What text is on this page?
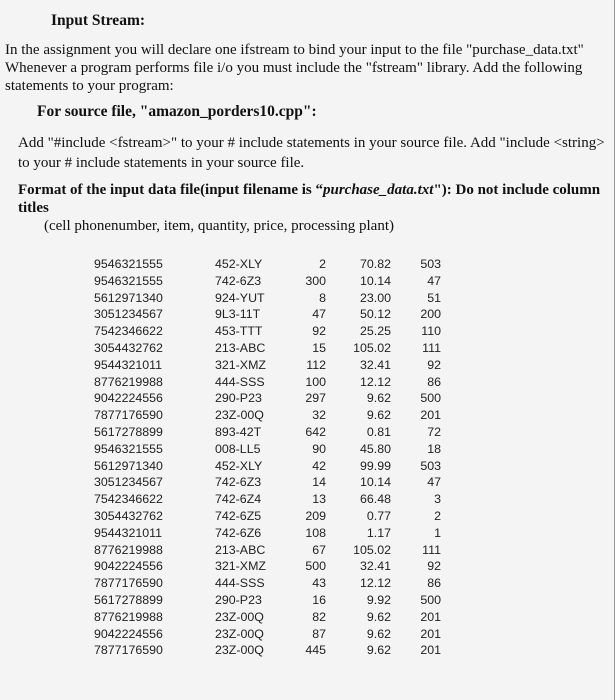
Input Stream:
In the assignment you will declare one ifstream to bind your input to the file "purchase_data.txt" Whenever a program performs file i/o you must include the "fstream" library. Add the following statements to your program:
For source file, "amazon_porders10.cpp":
Add "#include <fstream>" to your # include statements in your source file. Add "include <string> to your # include statements in your source file.
Format of the input data file(input filename is “purchase_data.txt"): Do not include column titles
(cell phonenumber, item, quantity, price, processing plant)
9546321555	452-XLY	2	70.82	503
9546321555	742-6Z3	300	10.14	47
5612971340	924-YUT	8	23.00	51
3051234567	9L3-11T	47	50.12	200
7542346622	453-TTT	92	25.25	110
3054432762	213-ABC	15	105.02	111
9544321011	321-XMZ	112	32.41	92
8776219988	444-SSS	100	12.12	86
9042224556	290-P23	297	9.62	500
7877176590	23Z-00Q	32	9.62	201
5617278899	893-42T	642	0.81	72
9546321555	008-LL5	90	45.80	18
5612971340	452-XLY	42	99.99	503
3051234567	742-6Z3	14	10.14	47
7542346622	742-6Z4	13	66.48	3
3054432762	742-6Z5	209	0.77	2
9544321011	742-6Z6	108	1.17	1
8776219988	213-ABC	67	105.02	111
9042224556	321-XMZ	500	32.41	92
7877176590	444-SSS	43	12.12	86
5617278899	290-P23	16	9.92	500
8776219988	23Z-00Q	82	9.62	201
9042224556	23Z-00Q	87	9.62	201
7877176590	23Z-00Q	445	9.62	201
